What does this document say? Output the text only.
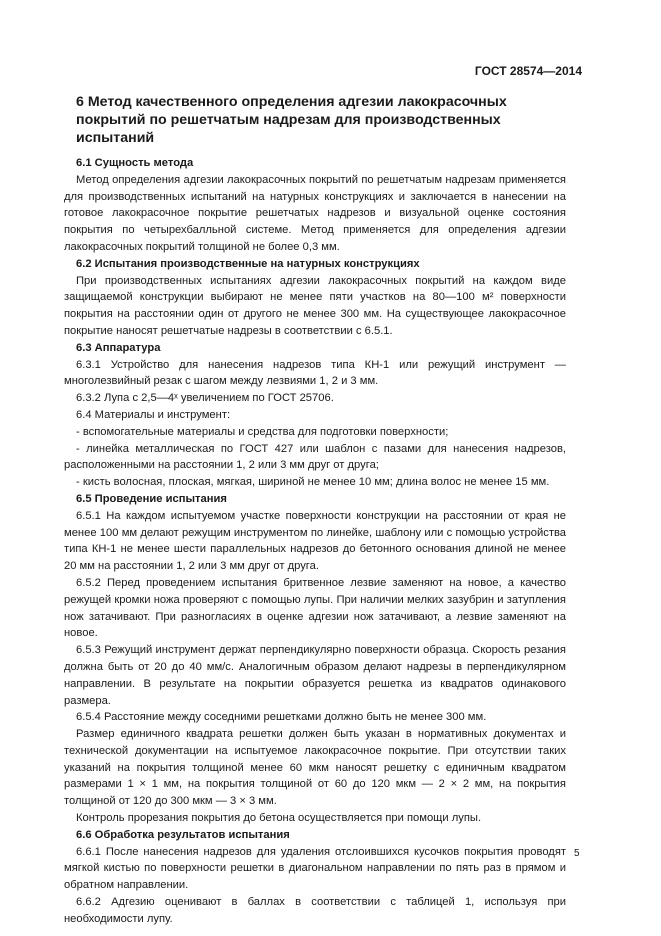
ГОСТ 28574—2014
6 Метод качественного определения адгезии лакокрасочных покрытий по решетчатым надрезам для производственных испытаний
6.1 Сущность метода

Метод определения адгезии лакокрасочных покрытий по решетчатым надрезам применяется для производственных испытаний на натурных конструкциях и заключается в нанесении на готовое лакокрасочное покрытие решетчатых надрезов и визуальной оценке состояния покрытия по четырехбалльной системе. Метод применяется для определения адгезии лакокрасочных покрытий толщиной не более 0,3 мм.

6.2 Испытания производственные на натурных конструкциях

При производственных испытаниях адгезии лакокрасочных покрытий на каждом виде защищаемой конструкции выбирают не менее пяти участков на 80—100 м² поверхности покрытия на расстоянии один от другого не менее 300 мм. На существующее лакокрасочное покрытие наносят решетчатые надрезы в соответствии с 6.5.1.

6.3 Аппаратура

6.3.1 Устройство для нанесения надрезов типа КН-1 или режущий инструмент — многолезвийный резак с шагом между лезвиями 1, 2 и 3 мм.

6.3.2 Лупа с 2,5—4ˣ увеличением по ГОСТ 25706.

6.4 Материалы и инструмент:

- вспомогательные материалы и средства для подготовки поверхности;

- линейка металлическая по ГОСТ 427 или шаблон с пазами для нанесения надрезов, расположенными на расстоянии 1, 2 или 3 мм друг от друга;

- кисть волосная, плоская, мягкая, шириной не менее 10 мм; длина волос не менее 15 мм.

6.5 Проведение испытания

6.5.1 На каждом испытуемом участке поверхности конструкции на расстоянии от края не менее 100 мм делают режущим инструментом по линейке, шаблону или с помощью устройства типа КН-1 не менее шести параллельных надрезов до бетонного основания длиной не менее 20 мм на расстоянии 1, 2 или 3 мм друг от друга.

6.5.2 Перед проведением испытания бритвенное лезвие заменяют на новое, а качество режущей кромки ножа проверяют с помощью лупы. При наличии мелких зазубрин и затупления нож затачивают. При разногласиях в оценке адгезии нож затачивают, а лезвие заменяют на новое.

6.5.3 Режущий инструмент держат перпендикулярно поверхности образца. Скорость резания должна быть от 20 до 40 мм/с. Аналогичным образом делают надрезы в перпендикулярном направлении. В результате на покрытии образуется решетка из квадратов одинакового размера.

6.5.4 Расстояние между соседними решетками должно быть не менее 300 мм.

Размер единичного квадрата решетки должен быть указан в нормативных документах и технической документации на испытуемое лакокрасочное покрытие. При отсутствии таких указаний на покрытия толщиной менее 60 мкм наносят решетку с единичным квадратом размерами 1 × 1 мм, на покрытия толщиной от 60 до 120 мкм — 2 × 2 мм, на покрытия толщиной от 120 до 300 мкм — 3 × 3 мм.

Контроль прорезания покрытия до бетона осуществляется при помощи лупы.

6.6 Обработка результатов испытания

6.6.1 После нанесения надрезов для удаления отслоившихся кусочков покрытия проводят мягкой кистью по поверхности решетки в диагональном направлении по пять раз в прямом и обратном направлении.

6.6.2 Адгезию оценивают в баллах в соответствии с таблицей 1, используя при необходимости лупу.

5
